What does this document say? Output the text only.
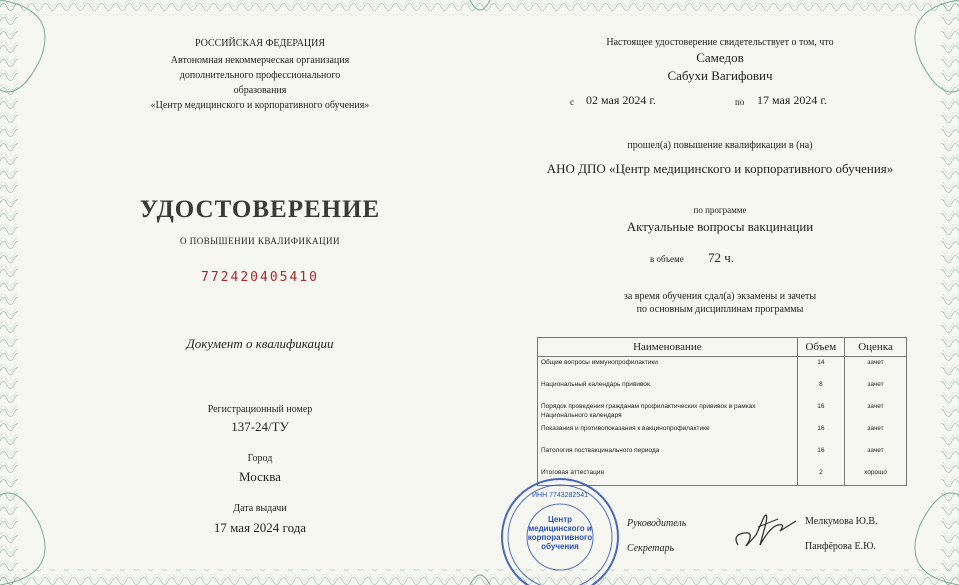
РОССИЙСКАЯ ФЕДЕРАЦИЯ
Автономная некоммерческая организация
дополнительного профессионального
образования
«Центр медицинского и корпоративного обучения»
УДОСТОВЕРЕНИЕ
О ПОВЫШЕНИИ КВАЛИФИКАЦИИ
772420405410
Документ о квалификации
Регистрационный номер
137-24/ТУ
Город
Москва
Дата выдачи
17 мая 2024 года
Настоящее удостоверение свидетельствует о том, что
Самедов
Сабухи Вагифович
с 02 мая 2024 г.	по 17 мая 2024 г.
прошел(а) повышение квалификации в (на)
АНО ДПО «Центр медицинского и корпоративного обучения»
по программе
Актуальные вопросы вакцинации
в объеме 72 ч.
за время обучения сдал(а) экзамены и зачеты
по основным дисциплинам программы
Наименование	Объем	Оценка
Общие вопросы иммунопрофилактики	14	зачет
Национальный календарь прививок	8	зачет
Порядок проведения гражданам профилактических прививок в рамках Национального календаря	16	зачет
Показания и противопоказания к вакцинопрофилактике	16	зачет
Патология поствакцинального периода	16	зачет
Итоговая аттестация	2	хорошо
ИНН 7743282541
Центр медицинского и корпоративного обучения
Руководитель
Секретарь
Мелкумова Ю.В.
Панфёрова Е.Ю.
